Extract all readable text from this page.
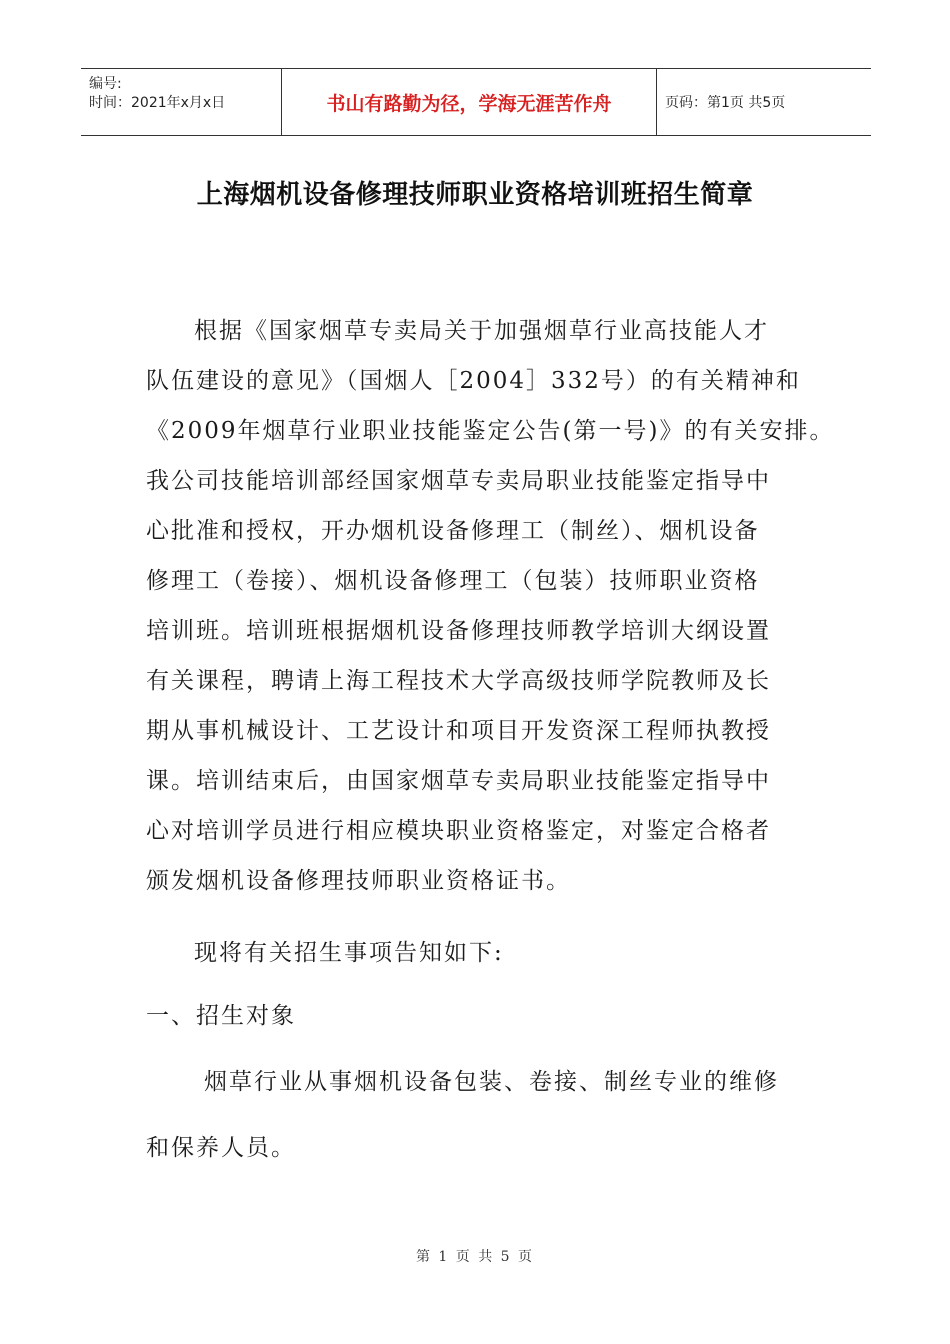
编号:
时间：2021年x月x日	书山有路勤为径，学海无涯苦作舟	页码：第1页 共5页
上海烟机设备修理技师职业资格培训班招生简章
根据《国家烟草专卖局关于加强烟草行业高技能人才
队伍建设的意见》（国烟人［2004］332号）的有关精神和
《2009年烟草行业职业技能鉴定公告(第一号)》的有关安排。
我公司技能培训部经国家烟草专卖局职业技能鉴定指导中
心批准和授权，开办烟机设备修理工（制丝）、烟机设备
修理工（卷接）、烟机设备修理工（包装）技师职业资格
培训班。培训班根据烟机设备修理技师教学培训大纲设置
有关课程，聘请上海工程技术大学高级技师学院教师及长
期从事机械设计、工艺设计和项目开发资深工程师执教授
课。培训结束后，由国家烟草专卖局职业技能鉴定指导中
心对培训学员进行相应模块职业资格鉴定，对鉴定合格者
颁发烟机设备修理技师职业资格证书。
现将有关招生事项告知如下:
一、招生对象
烟草行业从事烟机设备包装、卷接、制丝专业的维修
和保养人员。
第 1 页 共 5 页
